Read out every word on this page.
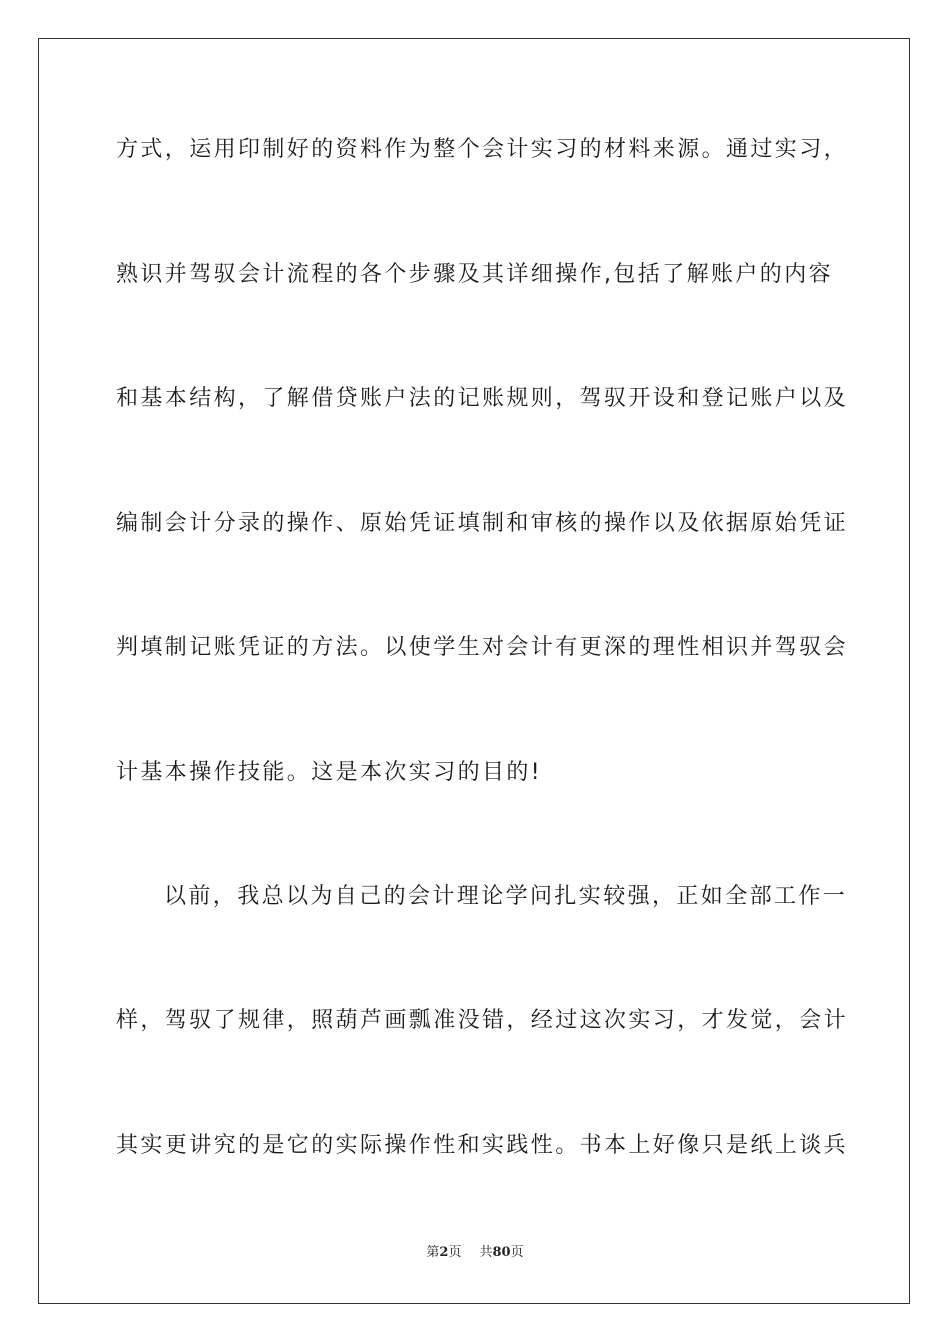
方式，运用印制好的资料作为整个会计实习的材料来源。通过实习，
熟识并驾驭会计流程的各个步骤及其详细操作,包括了解账户的内容
和基本结构，了解借贷账户法的记账规则，驾驭开设和登记账户以及
编制会计分录的操作、原始凭证填制和审核的操作以及依据原始凭证
判填制记账凭证的方法。以使学生对会计有更深的理性相识并驾驭会
计基本操作技能。这是本次实习的目的!
以前，我总以为自己的会计理论学问扎实较强，正如全部工作一
样，驾驭了规律，照葫芦画瓢准没错，经过这次实习，才发觉，会计
其实更讲究的是它的实际操作性和实践性。书本上好像只是纸上谈兵
第2页 共80页
